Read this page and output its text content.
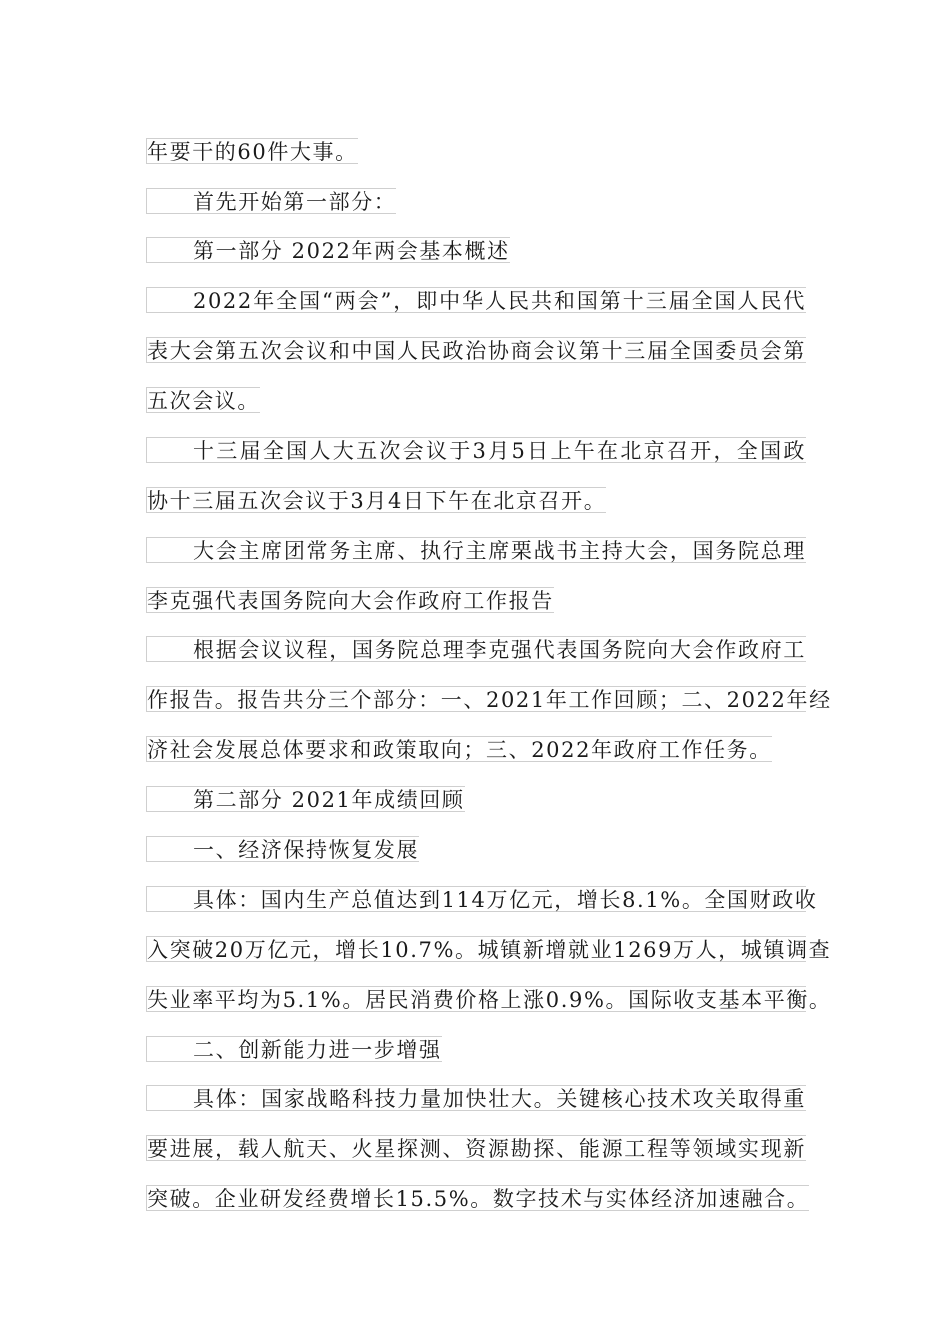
年要干的60件大事。
首先开始第一部分：
第一部分 2022年两会基本概述
2022年全国“两会”，即中华人民共和国第十三届全国人民代
表大会第五次会议和中国人民政治协商会议第十三届全国委员会第
五次会议。
十三届全国人大五次会议于3月5日上午在北京召开，全国政
协十三届五次会议于3月4日下午在北京召开。
大会主席团常务主席、执行主席栗战书主持大会，国务院总理
李克强代表国务院向大会作政府工作报告
根据会议议程，国务院总理李克强代表国务院向大会作政府工
作报告。报告共分三个部分：一、2021年工作回顾；二、2022年经
济社会发展总体要求和政策取向；三、2022年政府工作任务。
第二部分 2021年成绩回顾
一、经济保持恢复发展
具体：国内生产总值达到114万亿元，增长8.1%。全国财政收
入突破20万亿元，增长10.7%。城镇新增就业1269万人，城镇调查
失业率平均为5.1%。居民消费价格上涨0.9%。国际收支基本平衡。
二、创新能力进一步增强
具体：国家战略科技力量加快壮大。关键核心技术攻关取得重
要进展，载人航天、火星探测、资源勘探、能源工程等领域实现新
突破。企业研发经费增长15.5%。数字技术与实体经济加速融合。
